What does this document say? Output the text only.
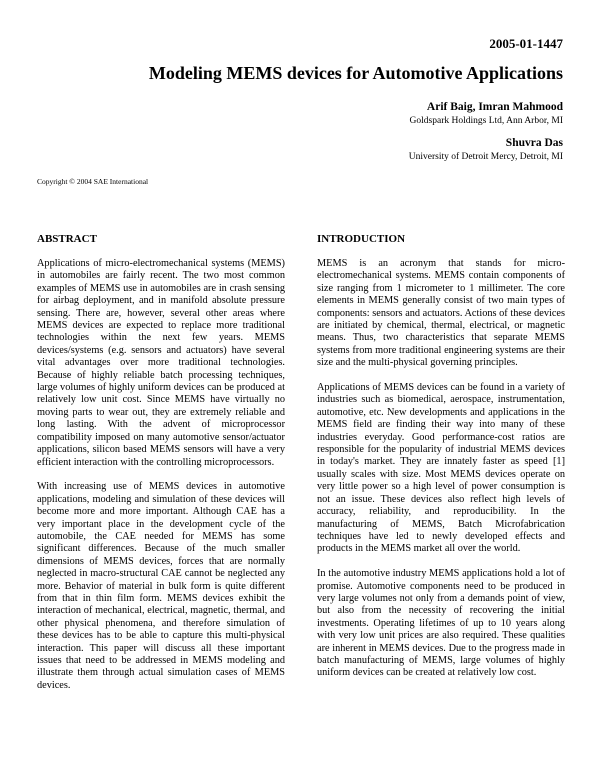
2005-01-1447
Modeling MEMS devices for Automotive Applications
Arif Baig, Imran Mahmood
Goldspark Holdings Ltd, Ann Arbor, MI
Shuvra Das
University of Detroit Mercy, Detroit, MI
Copyright © 2004 SAE International
ABSTRACT

Applications of micro-electromechanical systems (MEMS) in automobiles are fairly recent. The two most common examples of MEMS use in automobiles are in crash sensing for airbag deployment, and in manifold absolute pressure sensing. There are, however, several other areas where MEMS devices are expected to replace more traditional technologies within the next few years. MEMS devices/systems (e.g. sensors and actuators) have several vital advantages over more traditional technologies. Because of highly reliable batch processing techniques, large volumes of highly uniform devices can be produced at relatively low unit cost. Since MEMS have virtually no moving parts to wear out, they are extremely reliable and long lasting. With the advent of microprocessor compatibility imposed on many automotive sensor/actuator applications, silicon based MEMS sensors will have a very efficient interaction with the controlling microprocessors.

With increasing use of MEMS devices in automotive applications, modeling and simulation of these devices will become more and more important. Although CAE has a very important place in the development cycle of the automobile, the CAE needed for MEMS has some significant differences. Because of the much smaller dimensions of MEMS devices, forces that are normally neglected in macro-structural CAE cannot be neglected any more. Behavior of material in bulk form is quite different from that in thin film form. MEMS devices exhibit the interaction of mechanical, electrical, magnetic, thermal, and other physical phenomena, and therefore simulation of these devices has to be able to capture this multi-physical interaction. This paper will discuss all these important issues that need to be addressed in MEMS modeling and illustrate them through actual simulation cases of MEMS devices.

INTRODUCTION

MEMS is an acronym that stands for micro-electromechanical systems. MEMS contain components of size ranging from 1 micrometer to 1 millimeter. The core elements in MEMS generally consist of two main types of components: sensors and actuators. Actions of these devices are initiated by chemical, thermal, electrical, or magnetic means. Thus, two characteristics that separate MEMS systems from more traditional engineering systems are their size and the multi-physical governing principles.

Applications of MEMS devices can be found in a variety of industries such as biomedical, aerospace, instrumentation, automotive, etc. New developments and applications in the MEMS field are finding their way into many of these industries everyday. Good performance-cost ratios are responsible for the popularity of industrial MEMS devices in today's market. They are innately faster as speed [1] usually scales with size. Most MEMS devices operate on very little power so a high level of power consumption is not an issue. These devices also reflect high levels of accuracy, reliability, and reproducibility. In the manufacturing of MEMS, Batch Microfabrication techniques have led to newly developed effects and products in the MEMS market all over the world.

In the automotive industry MEMS applications hold a lot of promise. Automotive components need to be produced in very large volumes not only from a demands point of view, but also from the necessity of recovering the initial investments. Operating lifetimes of up to 10 years along with very low unit prices are also required. These qualities are inherent in MEMS devices. Due to the progress made in batch manufacturing of MEMS, large volumes of highly uniform devices can be created at relatively low cost.
